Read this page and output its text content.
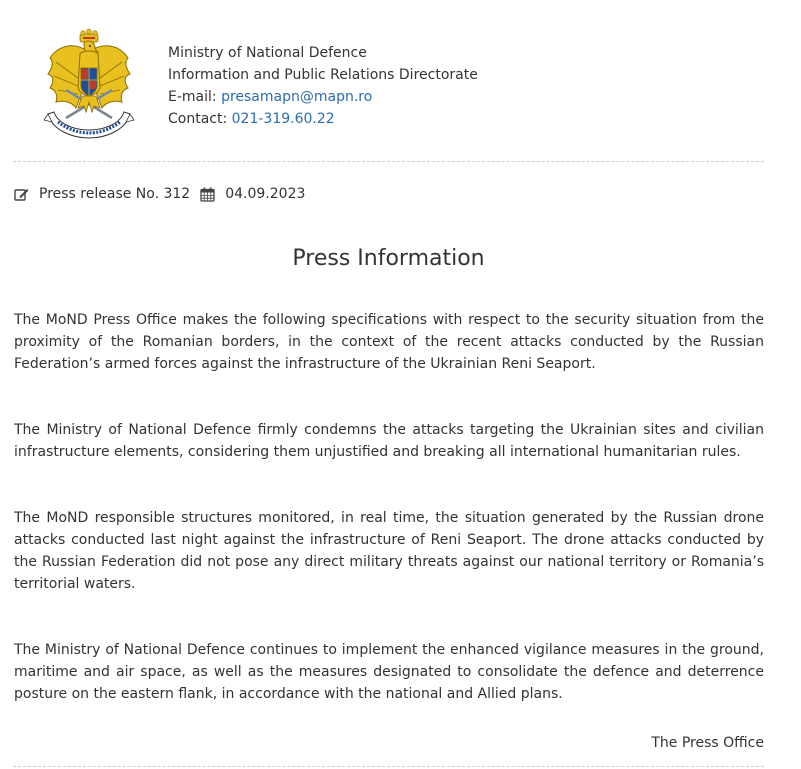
Ministry of National Defence
Information and Public Relations Directorate
E-mail: presamapn@mapn.ro
Contact: 021-319.60.22
Press release No. 312	04.09.2023
Press Information

The MoND Press Office makes the following specifications with respect to the security situation from the proximity of the Romanian borders, in the context of the recent attacks conducted by the Russian Federation’s armed forces against the infrastructure of the Ukrainian Reni Seaport.

The Ministry of National Defence firmly condemns the attacks targeting the Ukrainian sites and civilian infrastructure elements, considering them unjustified and breaking all international humanitarian rules.

The MoND responsible structures monitored, in real time, the situation generated by the Russian drone attacks conducted last night against the infrastructure of Reni Seaport. The drone attacks conducted by the Russian Federation did not pose any direct military threats against our national territory or Romania’s territorial waters.

The Ministry of National Defence continues to implement the enhanced vigilance measures in the ground, maritime and air space, as well as the measures designated to consolidate the defence and deterrence posture on the eastern flank, in accordance with the national and Allied plans.

The Press Office
